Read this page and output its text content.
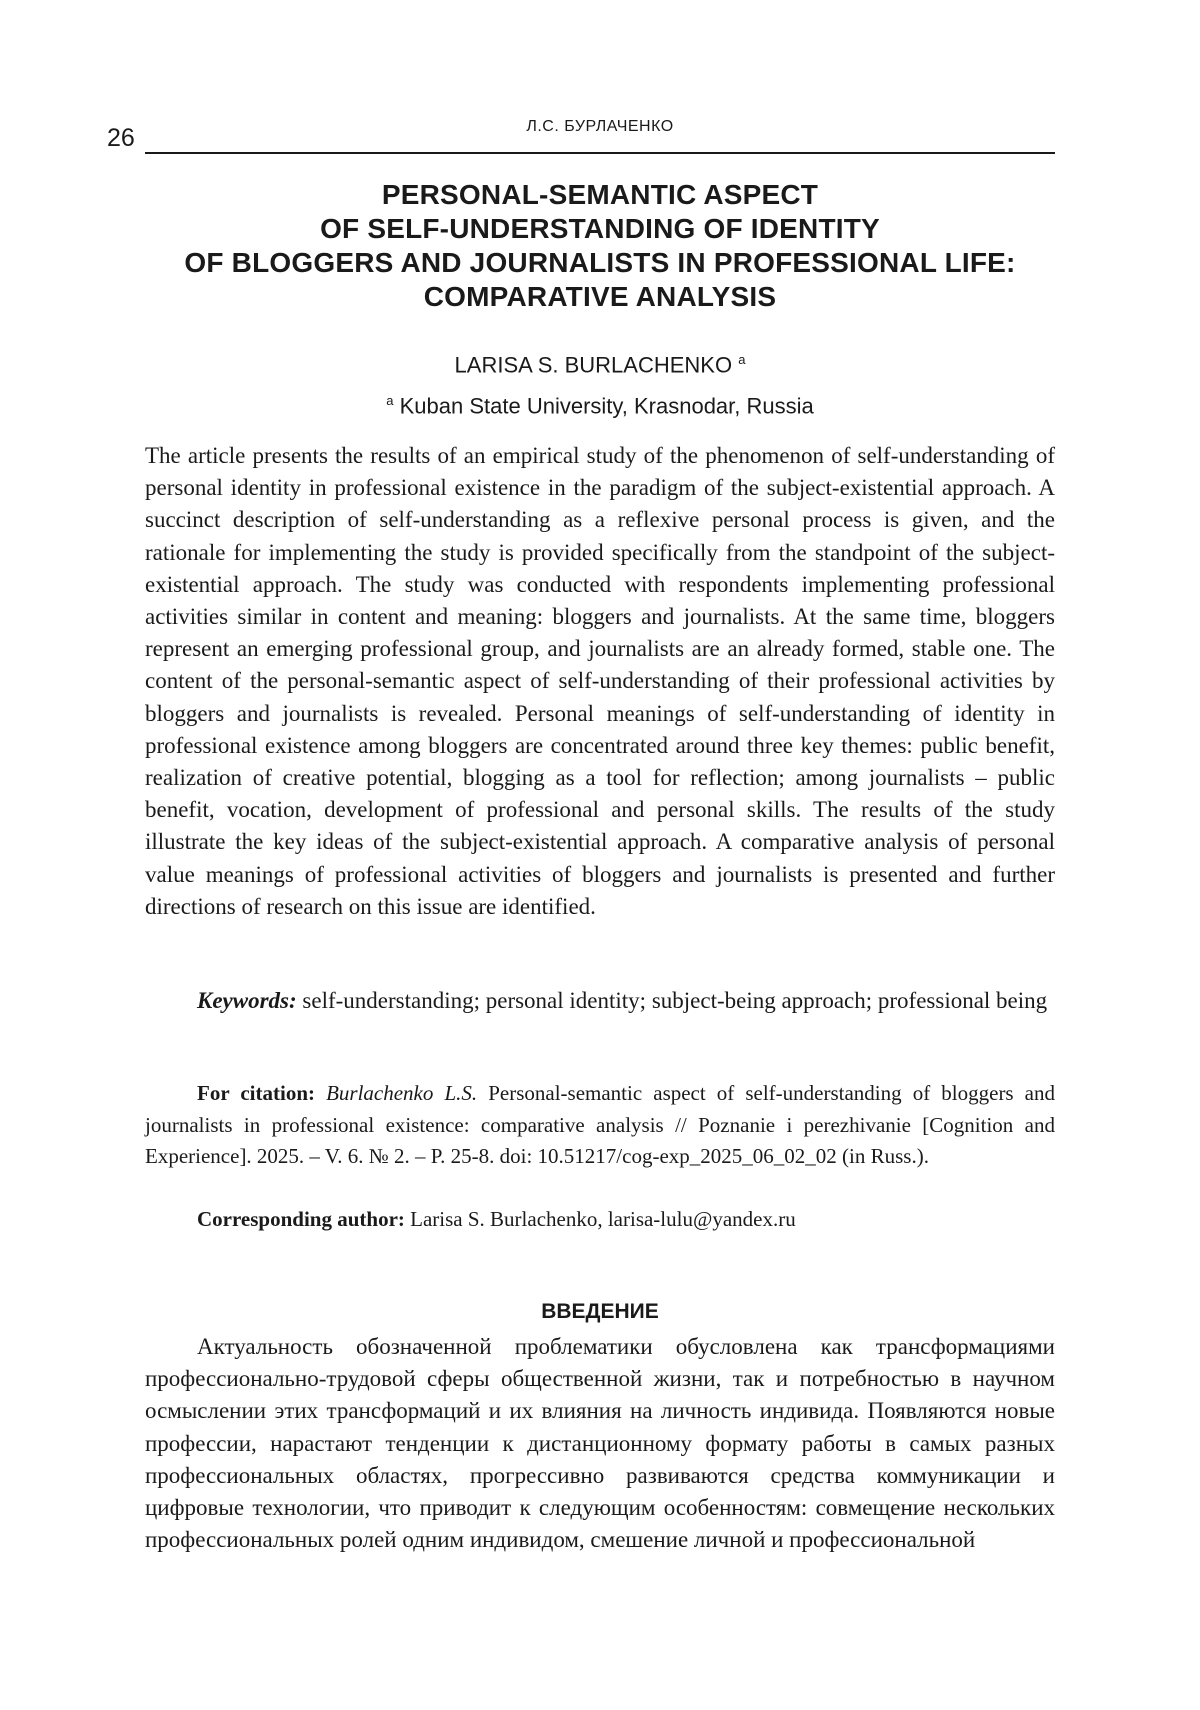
26	Л.С. БУРЛАЧЕНКО
PERSONAL-SEMANTIC ASPECT
OF SELF-UNDERSTANDING OF IDENTITY
OF BLOGGERS AND JOURNALISTS IN PROFESSIONAL LIFE:
COMPARATIVE ANALYSIS
LARISA S. BURLACHENKO $^a$
$^a$ Kuban State University, Krasnodar, Russia

The article presents the results of an empirical study of the phenomenon of self-understanding of personal identity in professional existence in the paradigm of the subject-existential approach. A succinct description of self-understanding as a reflexive personal process is given, and the rationale for implementing the study is provided specifically from the standpoint of the subject-existential approach. The study was conducted with respondents implementing professional activities similar in content and meaning: bloggers and journalists. At the same time, bloggers represent an emerging professional group, and journalists are an already formed, stable one. The content of the personal-semantic aspect of self-understanding of their professional activities by bloggers and journalists is revealed. Personal meanings of self-understanding of identity in professional existence among bloggers are concentrated around three key themes: public benefit, realization of creative potential, blogging as a tool for reflection; among journalists – public benefit, vocation, development of professional and personal skills. The results of the study illustrate the key ideas of the subject-existential approach. A comparative analysis of personal value meanings of professional activities of bloggers and journalists is presented and further directions of research on this issue are identified.

Keywords: self-understanding; personal identity; subject-being approach; professional being

For citation: Burlachenko L.S. Personal-semantic aspect of self-understanding of bloggers and journalists in professional existence: comparative analysis // Poznanie i perezhivanie [Cognition and Experience]. 2025. – V. 6. № 2. – P. 25-8. doi: 10.51217/cog-exp_2025_06_02_02 (in Russ.).

Corresponding author: Larisa S. Burlachenko, larisa-lulu@yandex.ru

ВВЕДЕНИЕ

Актуальность обозначенной проблематики обусловлена как трансформациями профессионально-трудовой сферы общественной жизни, так и потребностью в научном осмыслении этих трансформаций и их влияния на личность индивида. Появляются новые профессии, нарастают тенденции к дистанционному формату работы в самых разных профессиональных областях, прогрессивно развиваются средства коммуникации и цифровые технологии, что приводит к следующим особенностям: совмещение нескольких профессиональных ролей одним индивидом, смешение личной и профессиональной
